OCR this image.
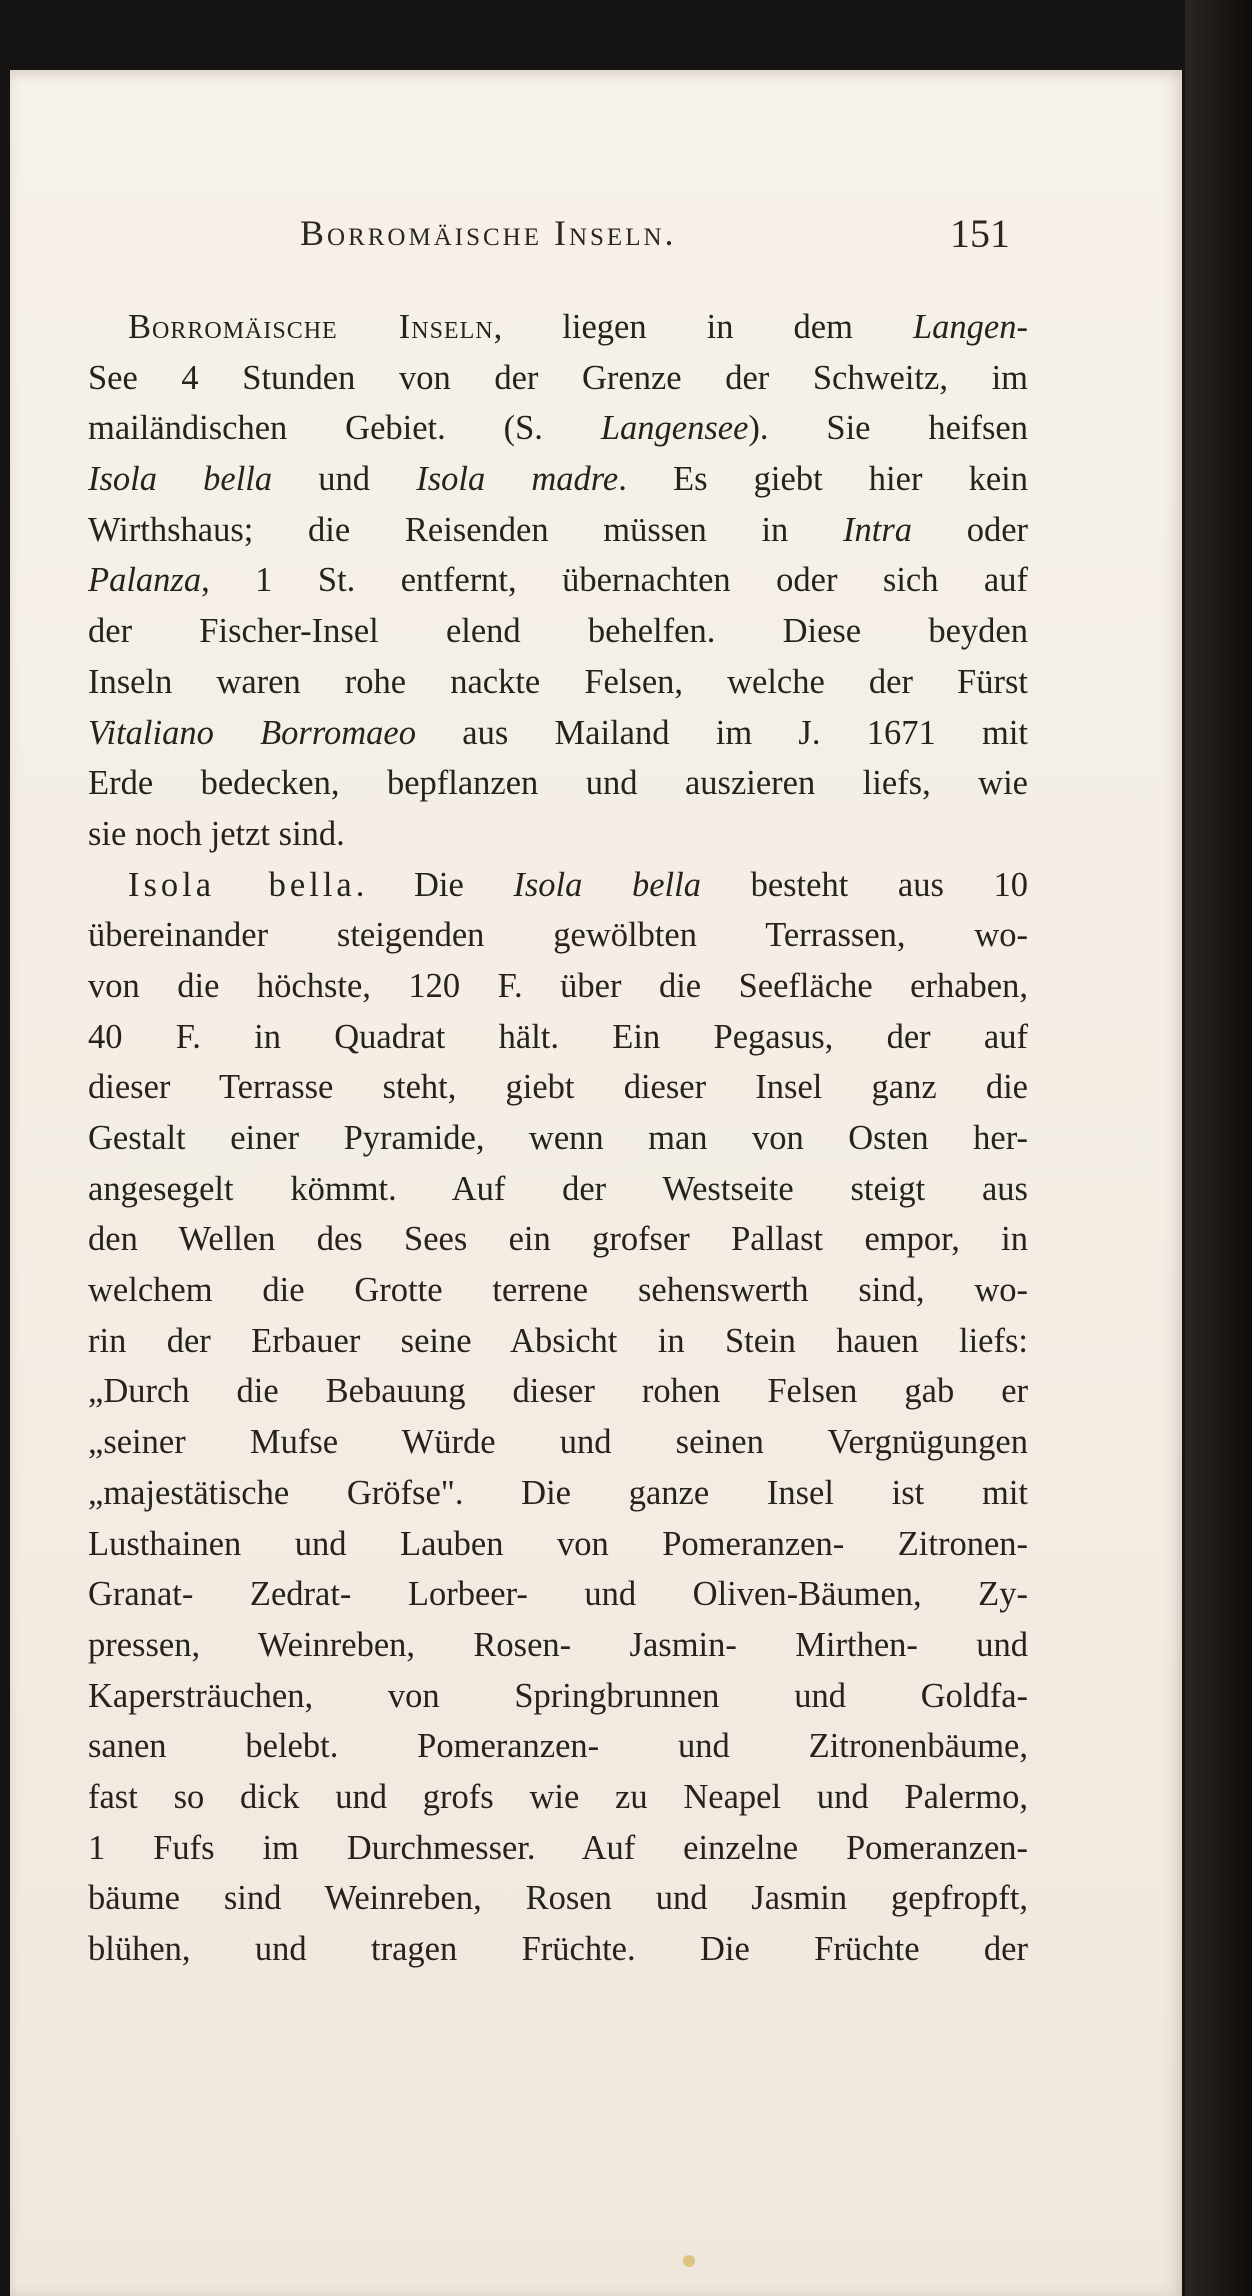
Borromäische Inseln.	151
Borromäische Inseln, liegen in dem Langen-
See 4 Stunden von der Grenze der Schweitz, im
mailändischen Gebiet. (S. Langensee). Sie heifsen
Isola bella und Isola madre. Es giebt hier kein
Wirthshaus; die Reisenden müssen in Intra oder
Palanza, 1 St. entfernt, übernachten oder sich auf
der Fischer-Insel elend behelfen. Diese beyden
Inseln waren rohe nackte Felsen, welche der Fürst
Vitaliano Borromaeo aus Mailand im J. 1671 mit
Erde bedecken, bepflanzen und auszieren liefs, wie
sie noch jetzt sind.
Isola bella. Die Isola bella besteht aus 10
übereinander steigenden gewölbten Terrassen, wo-
von die höchste, 120 F. über die Seefläche erhaben,
40 F. in Quadrat hält. Ein Pegasus, der auf
dieser Terrasse steht, giebt dieser Insel ganz die
Gestalt einer Pyramide, wenn man von Osten her-
angesegelt kömmt. Auf der Westseite steigt aus
den Wellen des Sees ein grofser Pallast empor, in
welchem die Grotte terrene sehenswerth sind, wo-
rin der Erbauer seine Absicht in Stein hauen liefs:
„Durch die Bebauung dieser rohen Felsen gab er
„seiner Mufse Würde und seinen Vergnügungen
„majestätische Gröfse". Die ganze Insel ist mit
Lusthainen und Lauben von Pomeranzen- Zitronen-
Granat- Zedrat- Lorbeer- und Oliven-Bäumen, Zy-
pressen, Weinreben, Rosen- Jasmin- Mirthen- und
Kapersträuchen, von Springbrunnen und Goldfa-
sanen belebt. Pomeranzen- und Zitronenbäume,
fast so dick und grofs wie zu Neapel und Palermo,
1 Fufs im Durchmesser. Auf einzelne Pomeranzen-
bäume sind Weinreben, Rosen und Jasmin gepfropft,
blühen, und tragen Früchte. Die Früchte der
